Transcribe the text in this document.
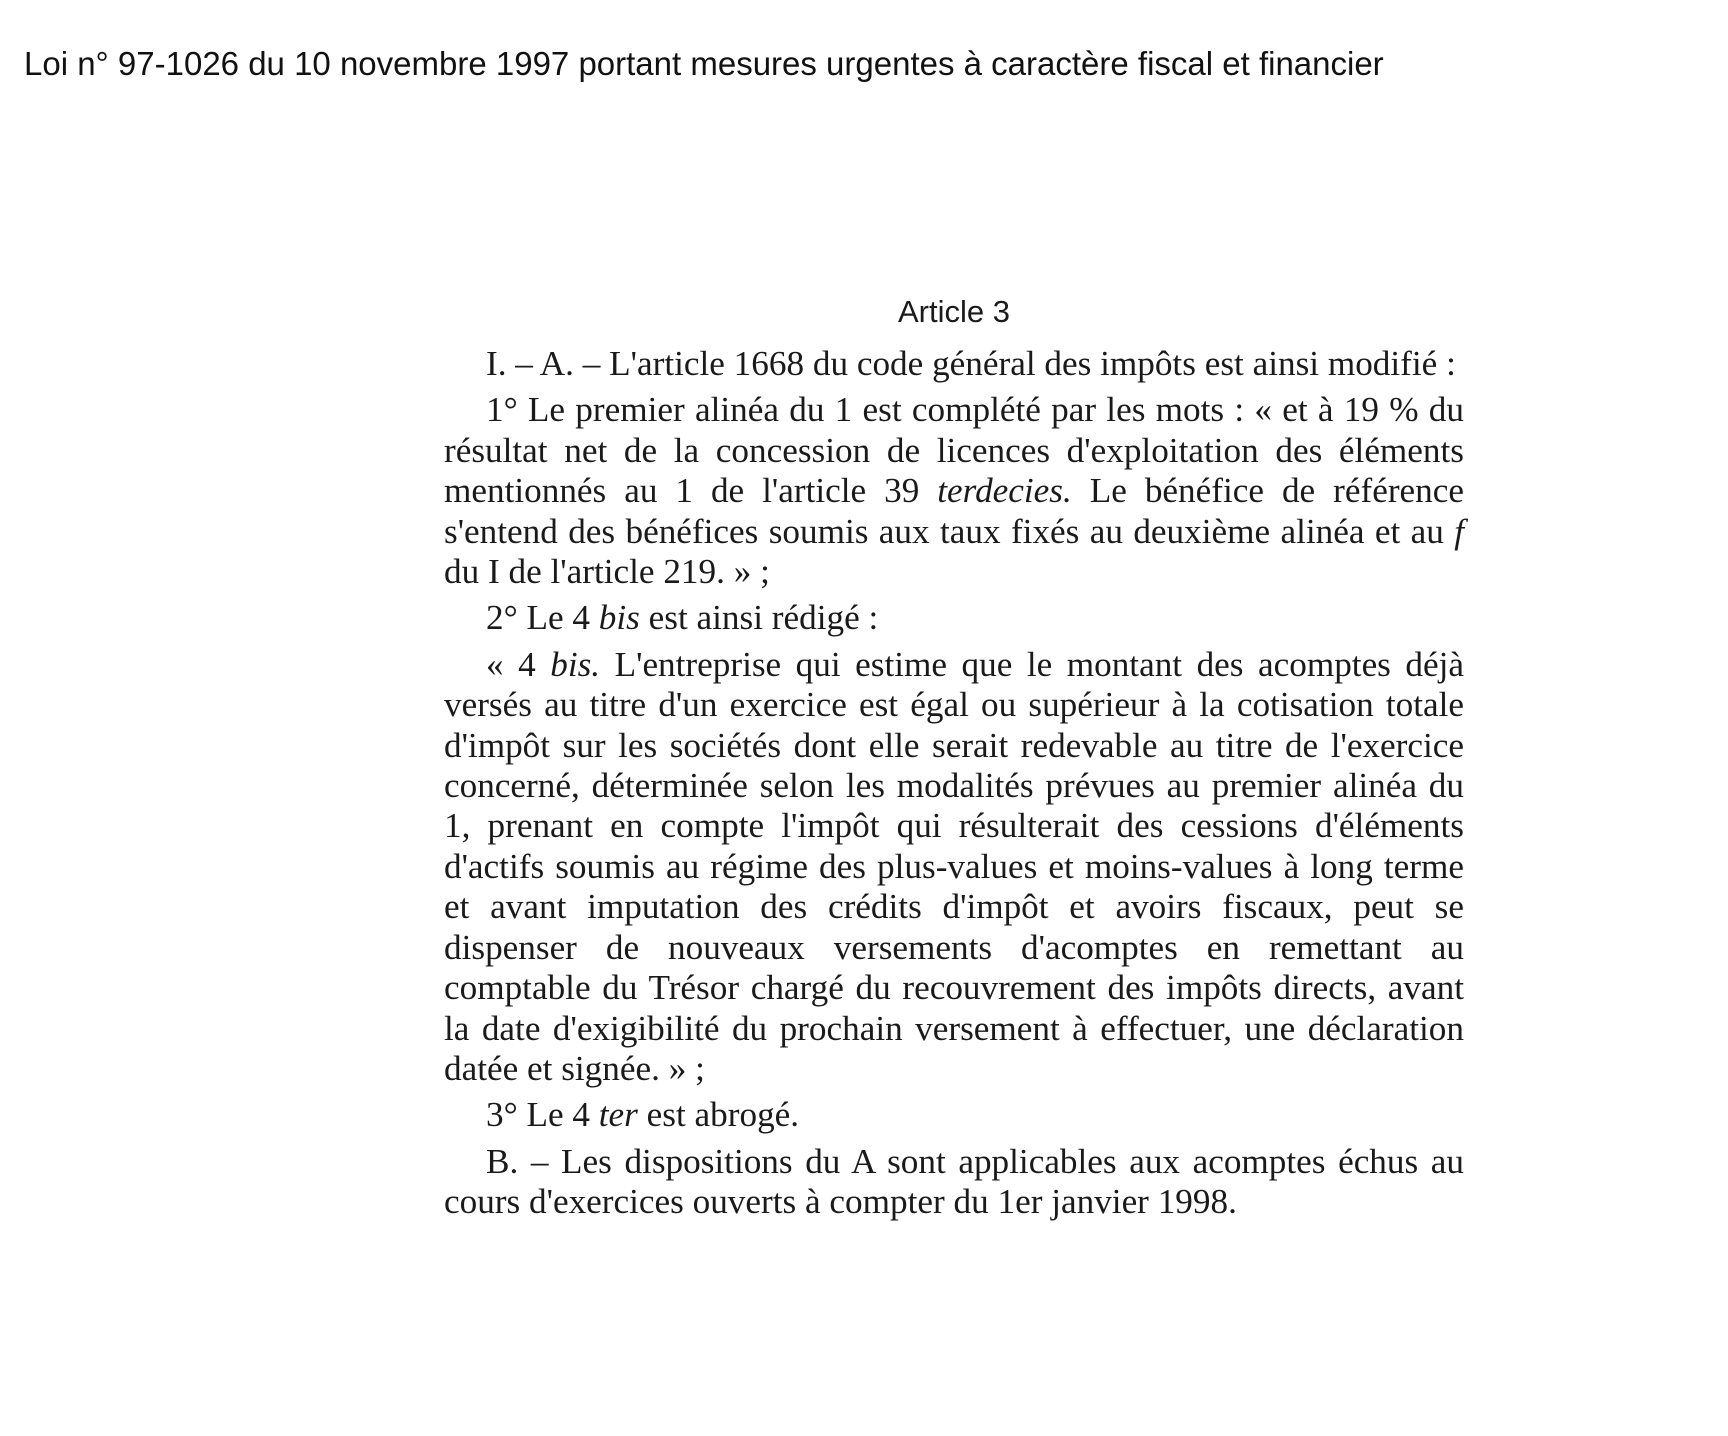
Loi n° 97-1026 du 10 novembre 1997 portant mesures urgentes à caractère fiscal et financier
Article 3

I. – A. – L'article 1668 du code général des impôts est ainsi modifié :

1° Le premier alinéa du 1 est complété par les mots : « et à 19 % du résultat net de la concession de licences d'exploitation des éléments mentionnés au 1 de l'article 39 terdecies. Le bénéfice de référence s'entend des bénéfices soumis aux taux fixés au deuxième alinéa et au f du I de l'article 219. » ;

2° Le 4 bis est ainsi rédigé :

« 4 bis. L'entreprise qui estime que le montant des acomptes déjà versés au titre d'un exercice est égal ou supérieur à la cotisation totale d'impôt sur les sociétés dont elle serait redevable au titre de l'exercice concerné, déterminée selon les modalités prévues au premier alinéa du 1, prenant en compte l'impôt qui résulterait des cessions d'éléments d'actifs soumis au régime des plus-values et moins-values à long terme et avant imputation des crédits d'impôt et avoirs fiscaux, peut se dispenser de nouveaux versements d'acomptes en remettant au comptable du Trésor chargé du recouvrement des impôts directs, avant la date d'exigibilité du prochain versement à effectuer, une déclaration datée et signée. » ;

3° Le 4 ter est abrogé.

B. – Les dispositions du A sont applicables aux acomptes échus au cours d'exercices ouverts à compter du 1er janvier 1998.
